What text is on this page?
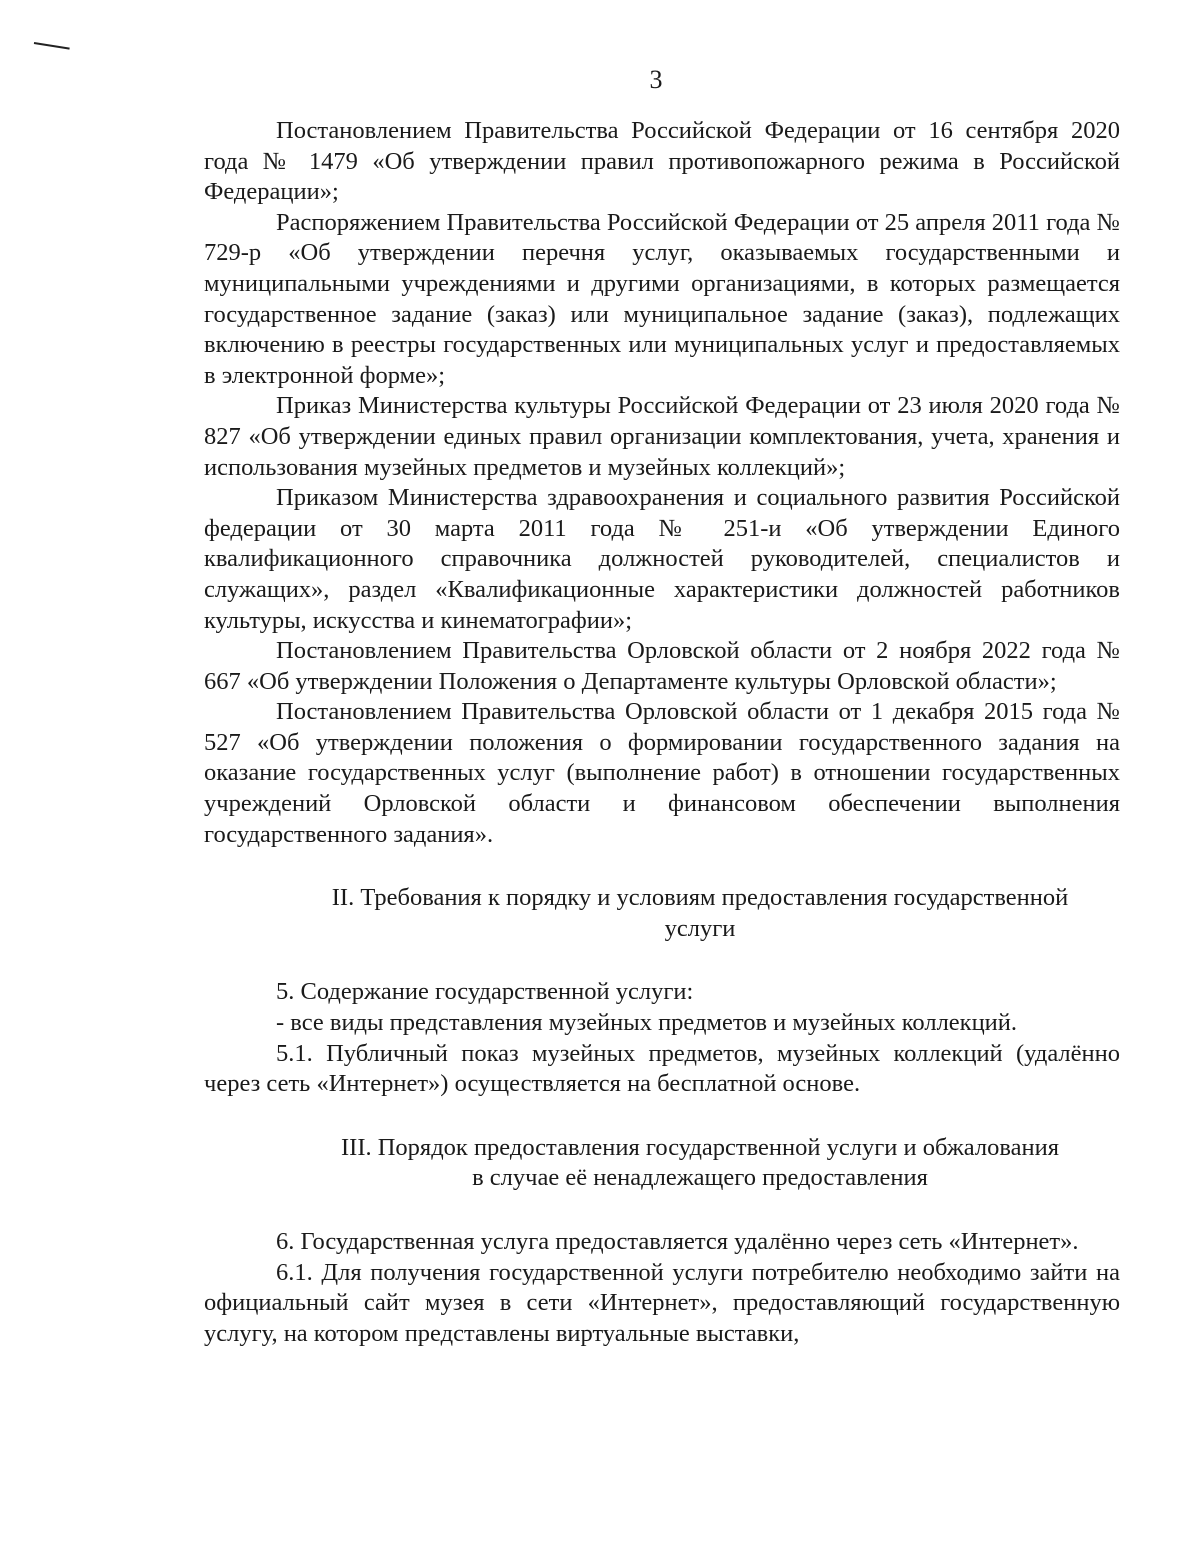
3

Постановлением Правительства Российской Федерации от 16 сентября 2020 года № 1479 «Об утверждении правил противопожарного режима в Российской Федерации»;

Распоряжением Правительства Российской Федерации от 25 апреля 2011 года № 729-р «Об утверждении перечня услуг, оказываемых государственными и муниципальными учреждениями и другими организациями, в которых размещается государственное задание (заказ) или муниципальное задание (заказ), подлежащих включению в реестры государственных или муниципальных услуг и предоставляемых в электронной форме»;

Приказ Министерства культуры Российской Федерации от 23 июля 2020 года № 827 «Об утверждении единых правил организации комплектования, учета, хранения и использования музейных предметов и музейных коллекций»;

Приказом Министерства здравоохранения и социального развития Российской федерации от 30 марта 2011 года № 251-и «Об утверждении Единого квалификационного справочника должностей руководителей, специалистов и служащих», раздел «Квалификационные характеристики должностей работников культуры, искусства и кинематографии»;

Постановлением Правительства Орловской области от 2 ноября 2022 года № 667 «Об утверждении Положения о Департаменте культуры Орловской области»;

Постановлением Правительства Орловской области от 1 декабря 2015 года № 527 «Об утверждении положения о формировании государственного задания на оказание государственных услуг (выполнение работ) в отношении государственных учреждений Орловской области и финансовом обеспечении выполнения государственного задания».

II. Требования к порядку и условиям предоставления государственной
услуги

5. Содержание государственной услуги:

- все виды представления музейных предметов и музейных коллекций.

5.1. Публичный показ музейных предметов, музейных коллекций (удалённо через сеть «Интернет») осуществляется на бесплатной основе.

III. Порядок предоставления государственной услуги и обжалования
в случае её ненадлежащего предоставления

6. Государственная услуга предоставляется удалённо через сеть «Интернет».

6.1. Для получения государственной услуги потребителю необходимо зайти на официальный сайт музея в сети «Интернет», предоставляющий государственную услугу, на котором представлены виртуальные выставки,
